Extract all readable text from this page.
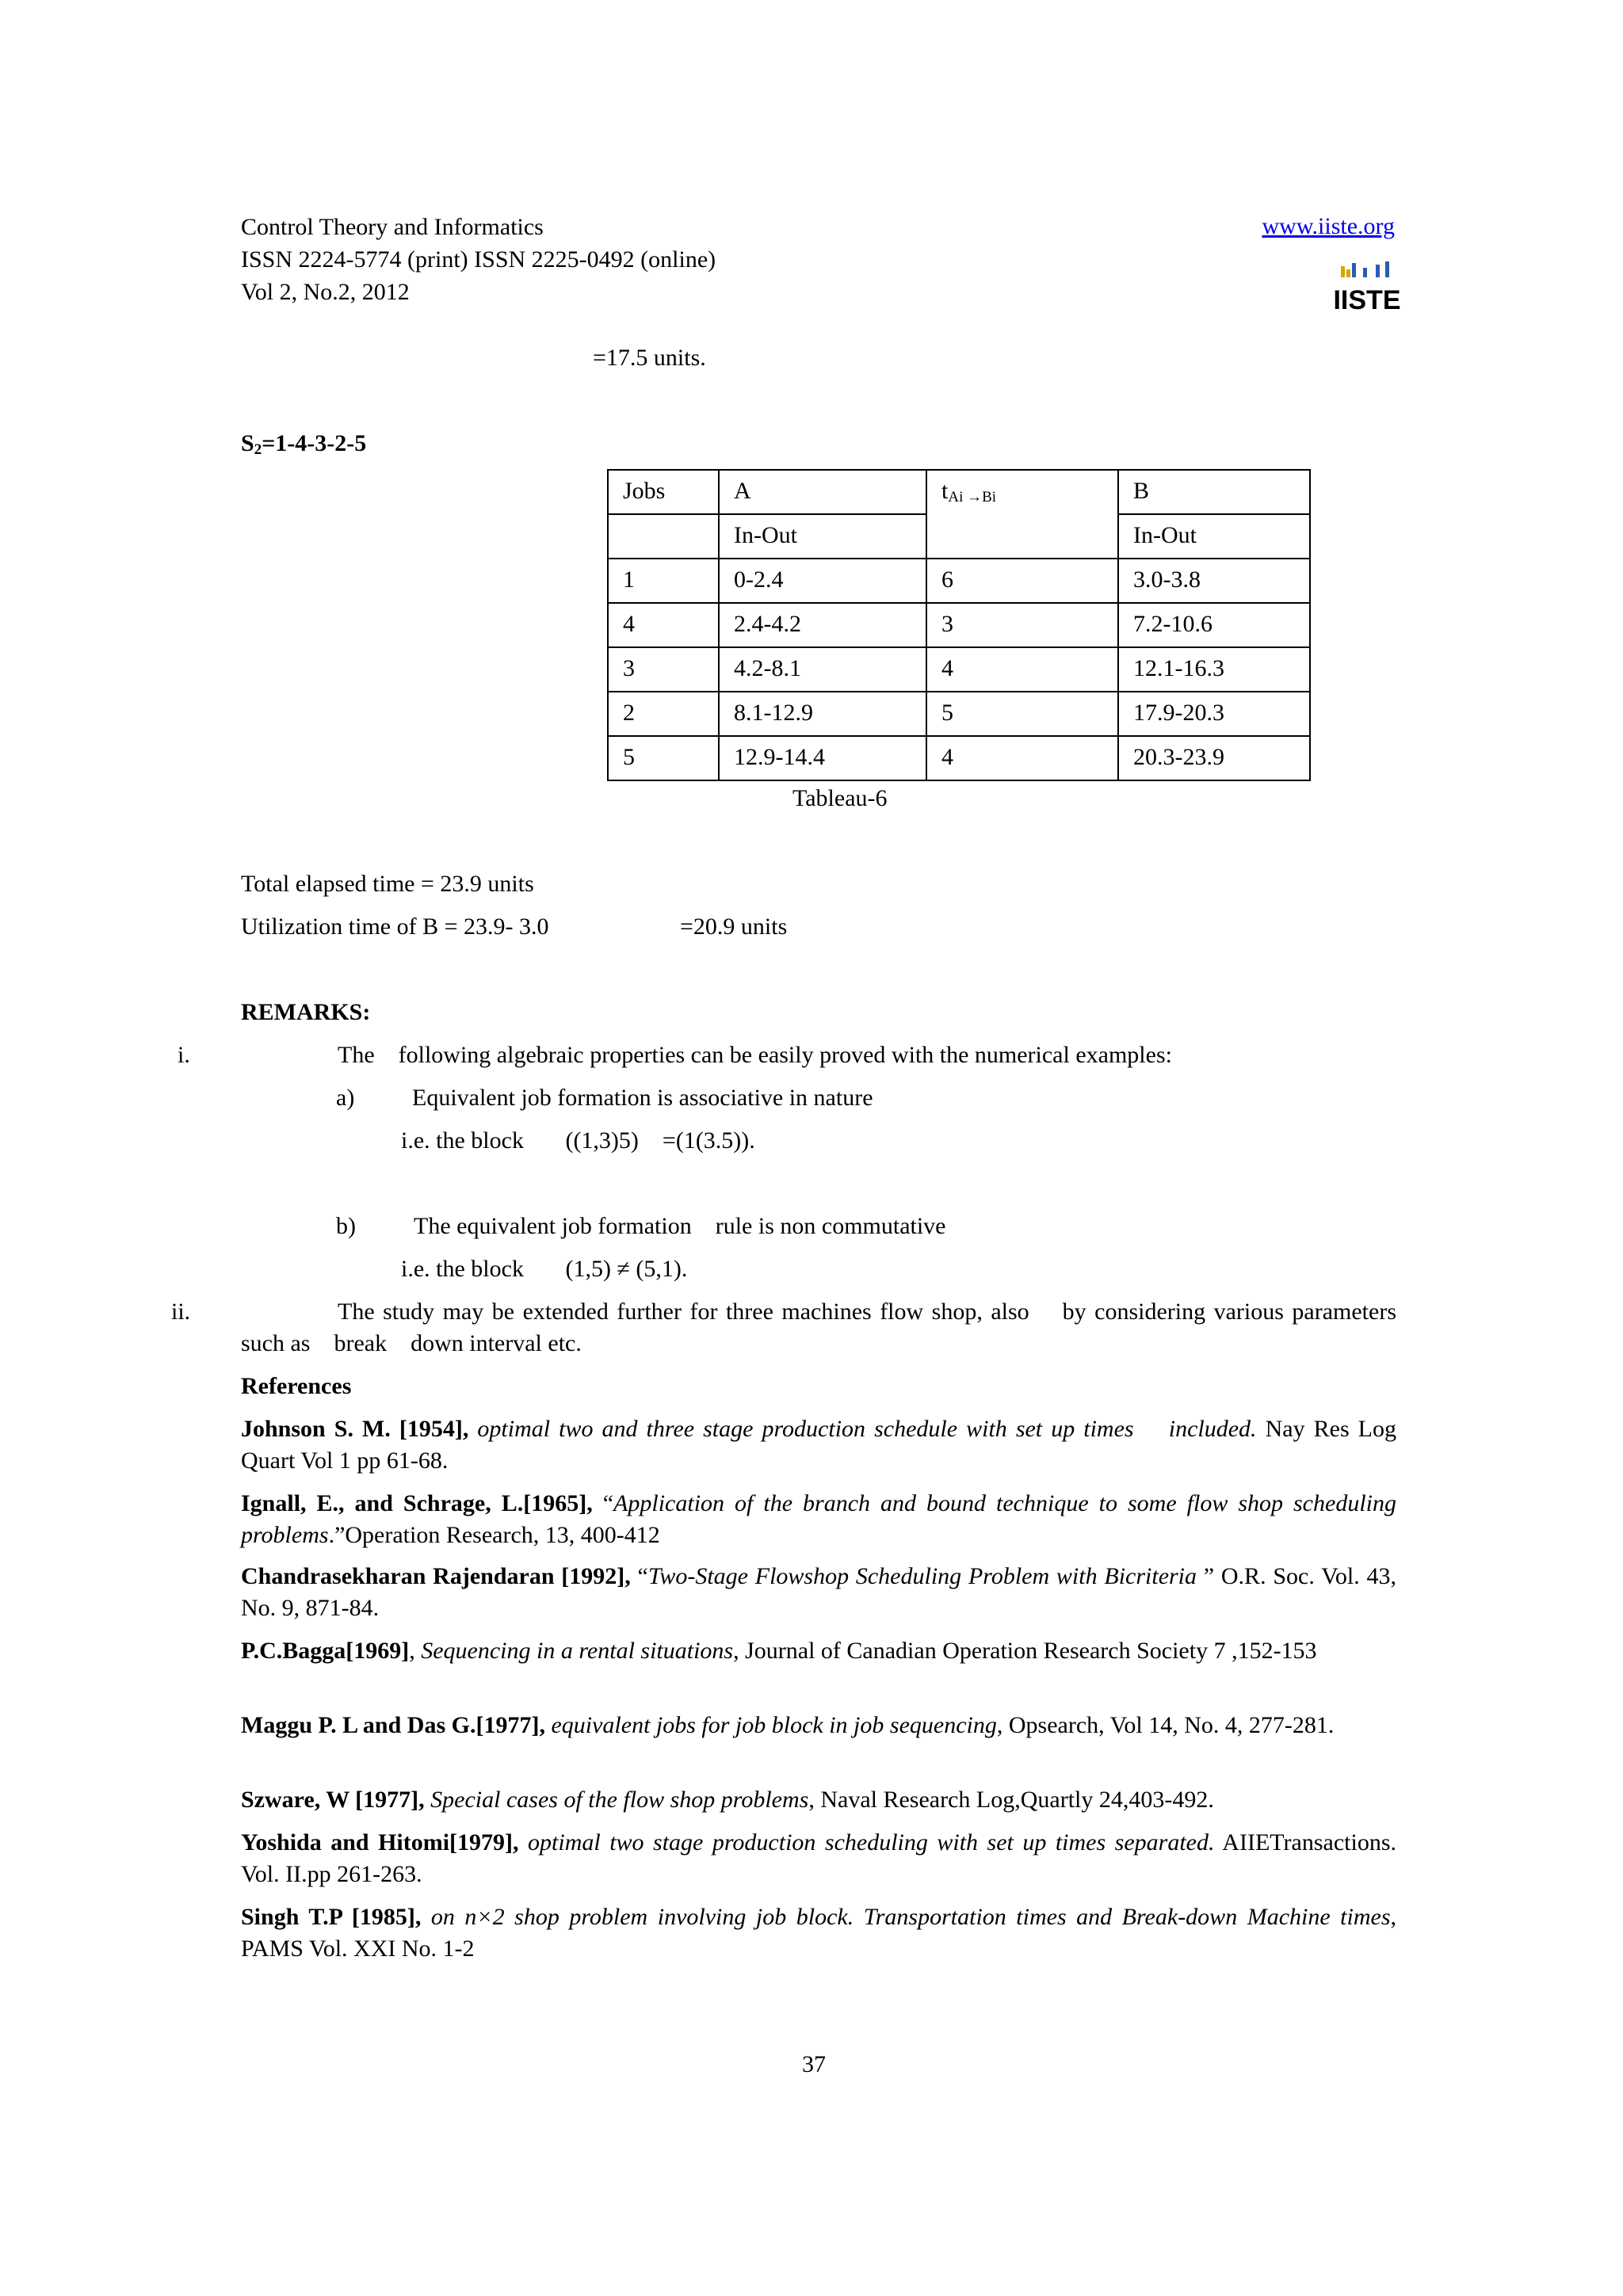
Control Theory and Informatics
ISSN 2224-5774 (print) ISSN 2225-0492 (online)
Vol 2, No.2, 2012
www.iiste.org
IISTE
=17.5 units.
$S_2=1-4-3-2-5$
Jobs	A	$t_{Ai \to Bi}$	B
	In-Out		In-Out
1	0-2.4	6	3.0-3.8
4	2.4-4.2	3	7.2-10.6
3	4.2-8.1	4	12.1-16.3
2	8.1-12.9	5	17.9-20.3
5	12.9-14.4	4	20.3-23.9
Tableau-6
Total elapsed time = 23.9 units
Utilization time of B = 23.9- 3.0	=20.9 units
REMARKS:
i.	The    following algebraic properties can be easily proved with the numerical examples:
a) Equivalent job formation is associative in nature
i.e. the block       ((1,3)5)    =(1(3.5)).
b) The equivalent job formation    rule is non commutative
i.e. the block       (1,5) ≠ (5,1).
ii.	The study may be extended further for three machines flow shop, also    by considering various parameters such as    break    down interval etc.
References
Johnson S. M. [1954], optimal two and three stage production schedule with set up times    included. Nay Res Log Quart Vol 1 pp 61-68.
Ignall, E., and Schrage, L.[1965], “Application of the branch and bound technique to some flow shop scheduling problems.”Operation Research, 13, 400-412
Chandrasekharan Rajendaran [1992], “Two-Stage Flowshop Scheduling Problem with Bicriteria ” O.R. Soc. Vol. 43, No. 9, 871-84.
P.C.Bagga[1969], Sequencing in a rental situations, Journal of Canadian Operation Research Society 7 ,152-153
Maggu P. L and Das G.[1977], equivalent jobs for job block in job sequencing, Opsearch, Vol 14, No. 4, 277-281.
Szware, W [1977], Special cases of the flow shop problems, Naval Research Log,Quartly 24,403-492.
Yoshida and Hitomi[1979], optimal two stage production scheduling with set up times separated. AIIETransactions. Vol. II.pp 261-263.
Singh T.P [1985], on n×2 shop problem involving job block. Transportation times and Break-down Machine times, PAMS Vol. XXI No. 1-2
37
